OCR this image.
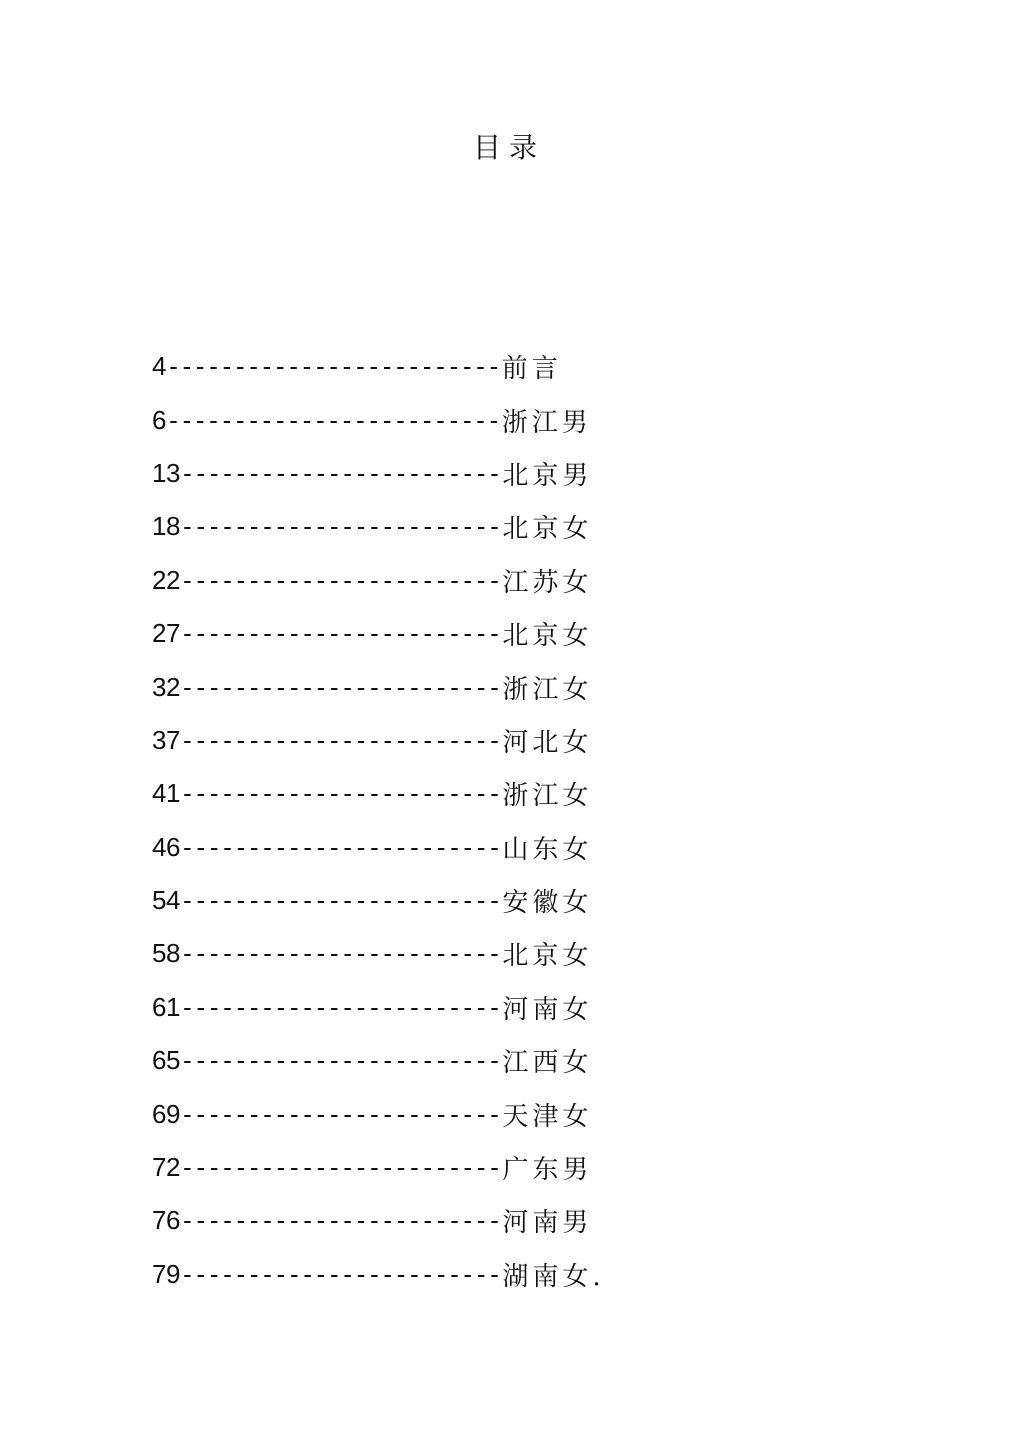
目录
4 ------------------------- 前言
6 ------------------------- 浙江男
13 ------------------------ 北京男
18 ------------------------ 北京女
22 ------------------------ 江苏女
27 ------------------------ 北京女
32 ------------------------ 浙江女
37 ------------------------ 河北女
41 ------------------------ 浙江女
46 ------------------------ 山东女
54 ------------------------ 安徽女
58 ------------------------ 北京女
61 ------------------------ 河南女
65 ------------------------ 江西女
69 ------------------------ 天津女
72 ------------------------ 广东男
76 ------------------------ 河南男
79 ------------------------ 湖南女.
